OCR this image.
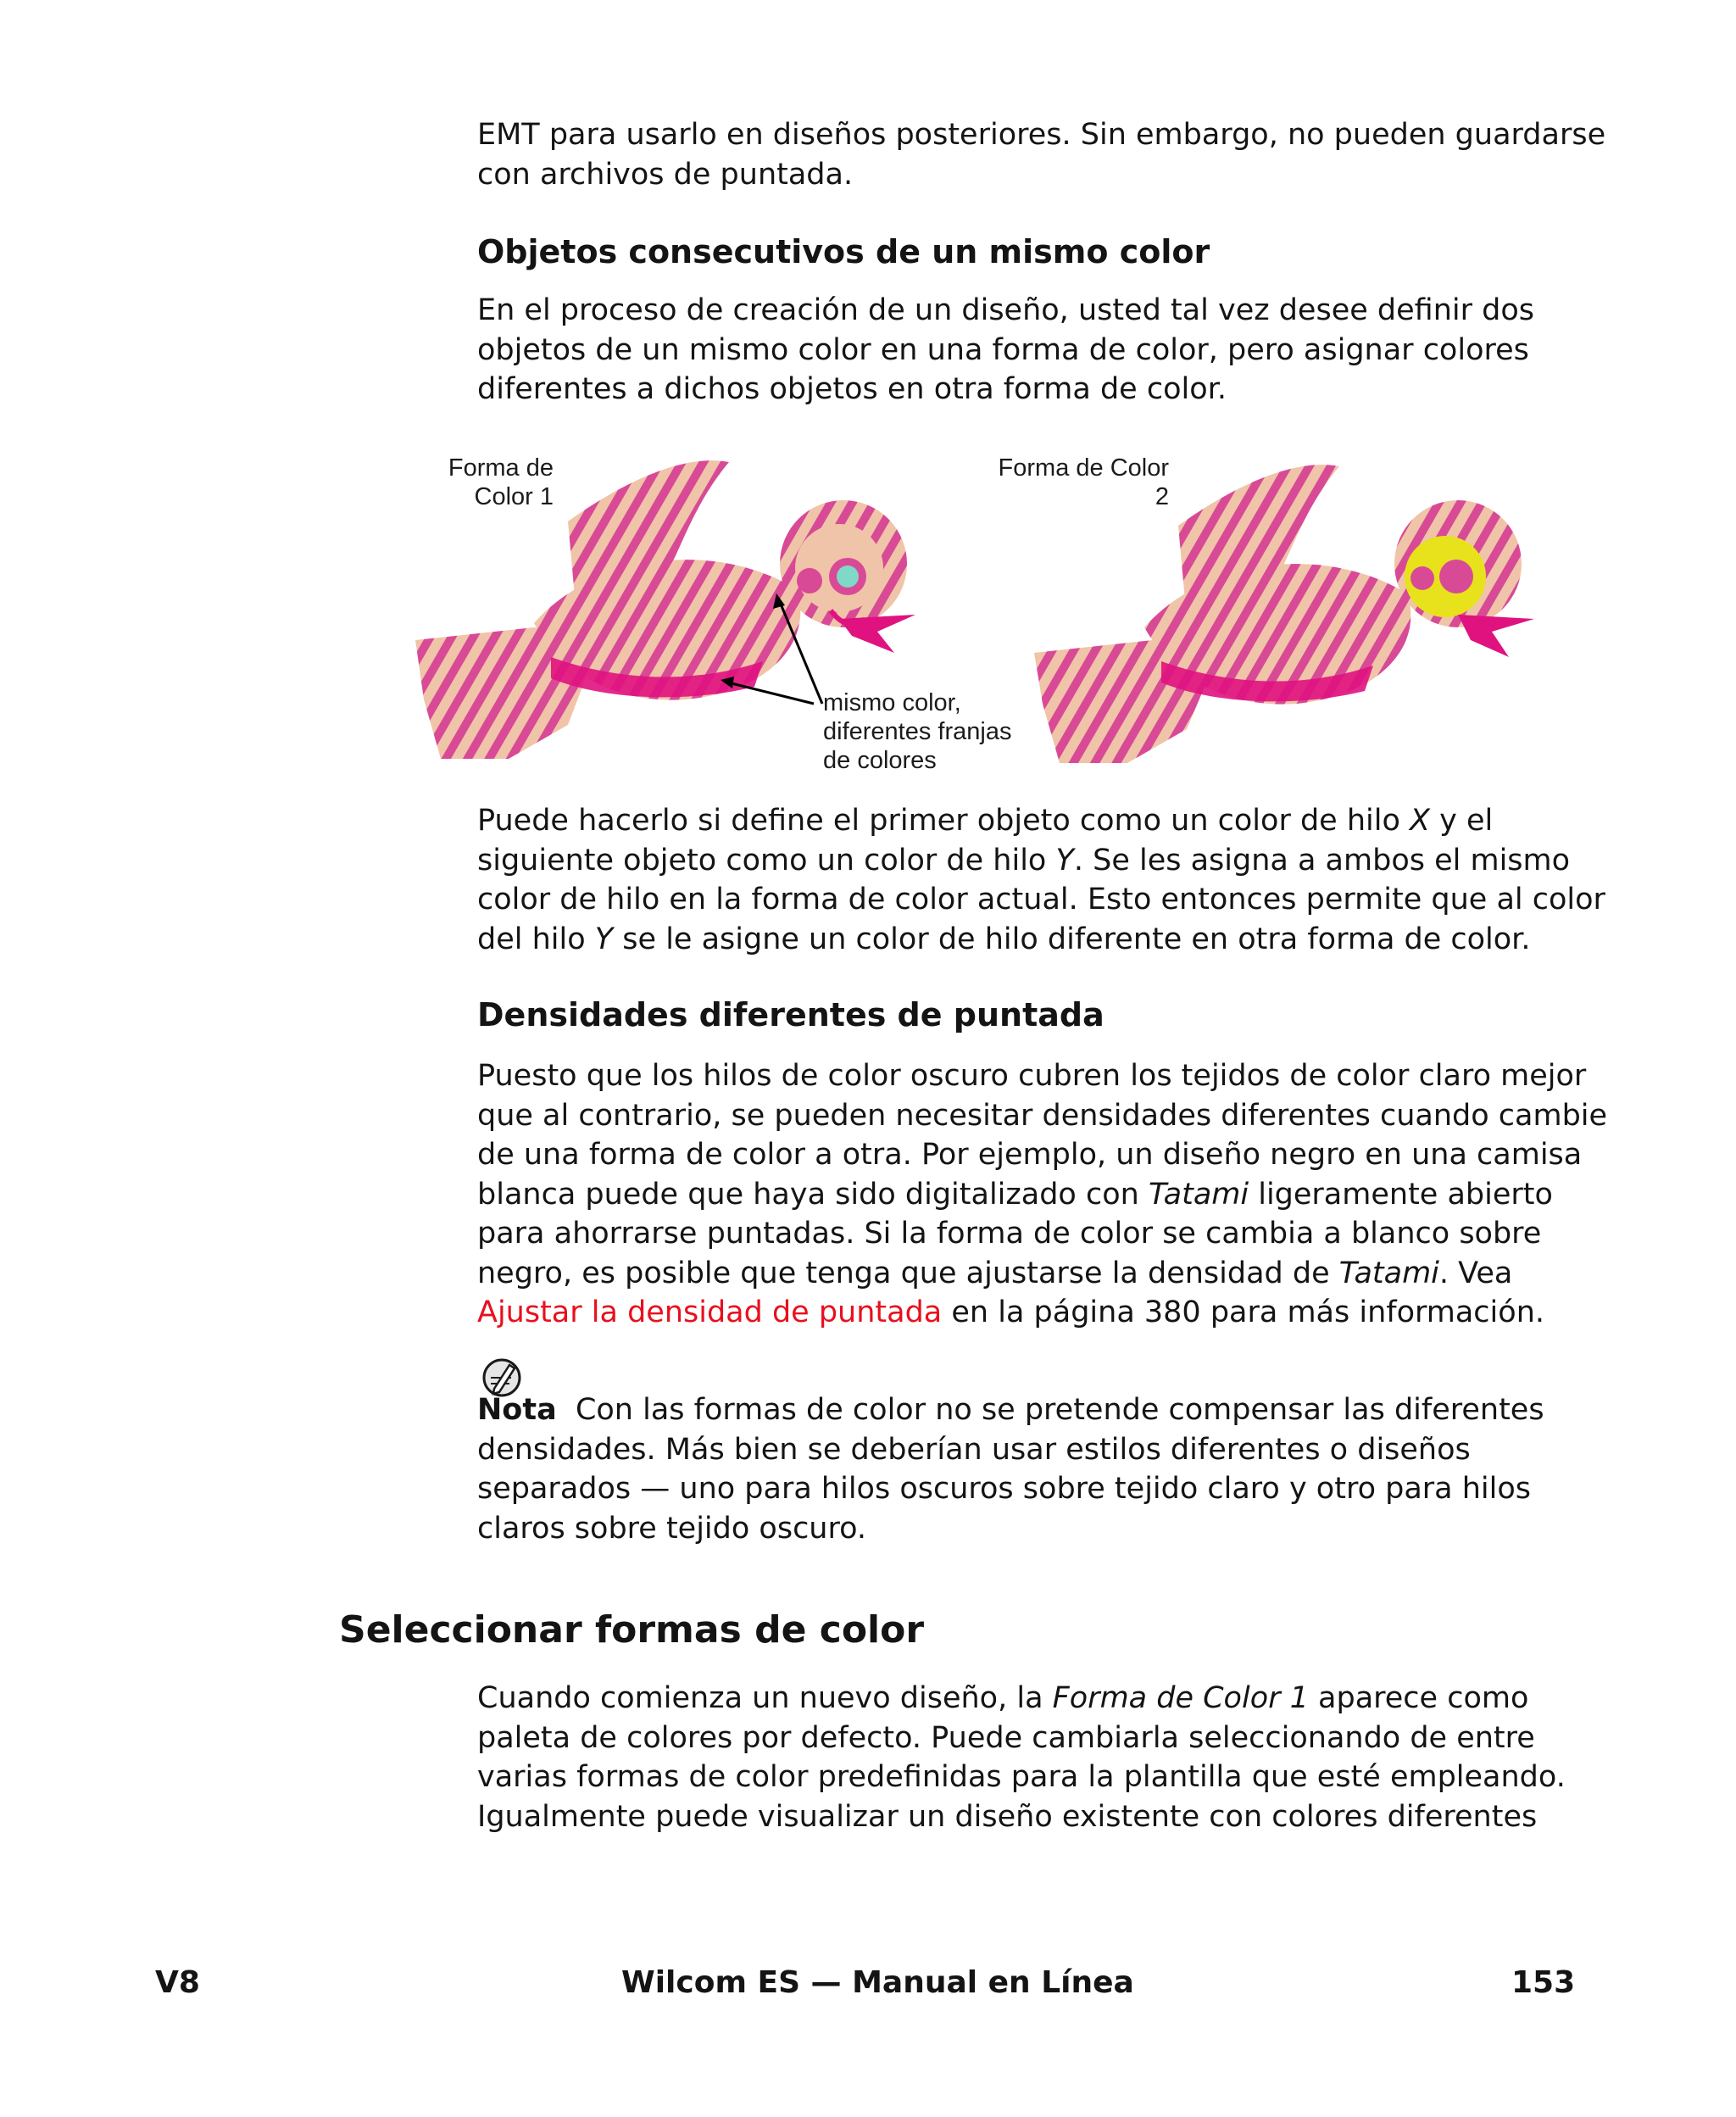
EMT para usarlo en diseños posteriores. Sin embargo, no pueden guardarse
con archivos de puntada.

Objetos consecutivos de un mismo color

En el proceso de creación de un diseño, usted tal vez desee definir dos
objetos de un mismo color en una forma de color, pero asignar colores
diferentes a dichos objetos en otra forma de color.

Forma de
Color 1
Forma de Color
2
mismo color,
diferentes franjas
de colores

Puede hacerlo si define el primer objeto como un color de hilo X y el
siguiente objeto como un color de hilo Y. Se les asigna a ambos el mismo
color de hilo en la forma de color actual. Esto entonces permite que al color
del hilo Y se le asigne un color de hilo diferente en otra forma de color.

Densidades diferentes de puntada

Puesto que los hilos de color oscuro cubren los tejidos de color claro mejor
que al contrario, se pueden necesitar densidades diferentes cuando cambie
de una forma de color a otra. Por ejemplo, un diseño negro en una camisa
blanca puede que haya sido digitalizado con Tatami ligeramente abierto
para ahorrarse puntadas. Si la forma de color se cambia a blanco sobre
negro, es posible que tenga que ajustarse la densidad de Tatami. Vea
Ajustar la densidad de puntada en la página 380 para más información.

Nota  Con las formas de color no se pretende compensar las diferentes
densidades. Más bien se deberían usar estilos diferentes o diseños
separados — uno para hilos oscuros sobre tejido claro y otro para hilos
claros sobre tejido oscuro.

Seleccionar formas de color

Cuando comienza un nuevo diseño, la Forma de Color 1 aparece como
paleta de colores por defecto. Puede cambiarla seleccionando de entre
varias formas de color predefinidas para la plantilla que esté empleando.
Igualmente puede visualizar un diseño existente con colores diferentes

V8	Wilcom ES — Manual en Línea	153
